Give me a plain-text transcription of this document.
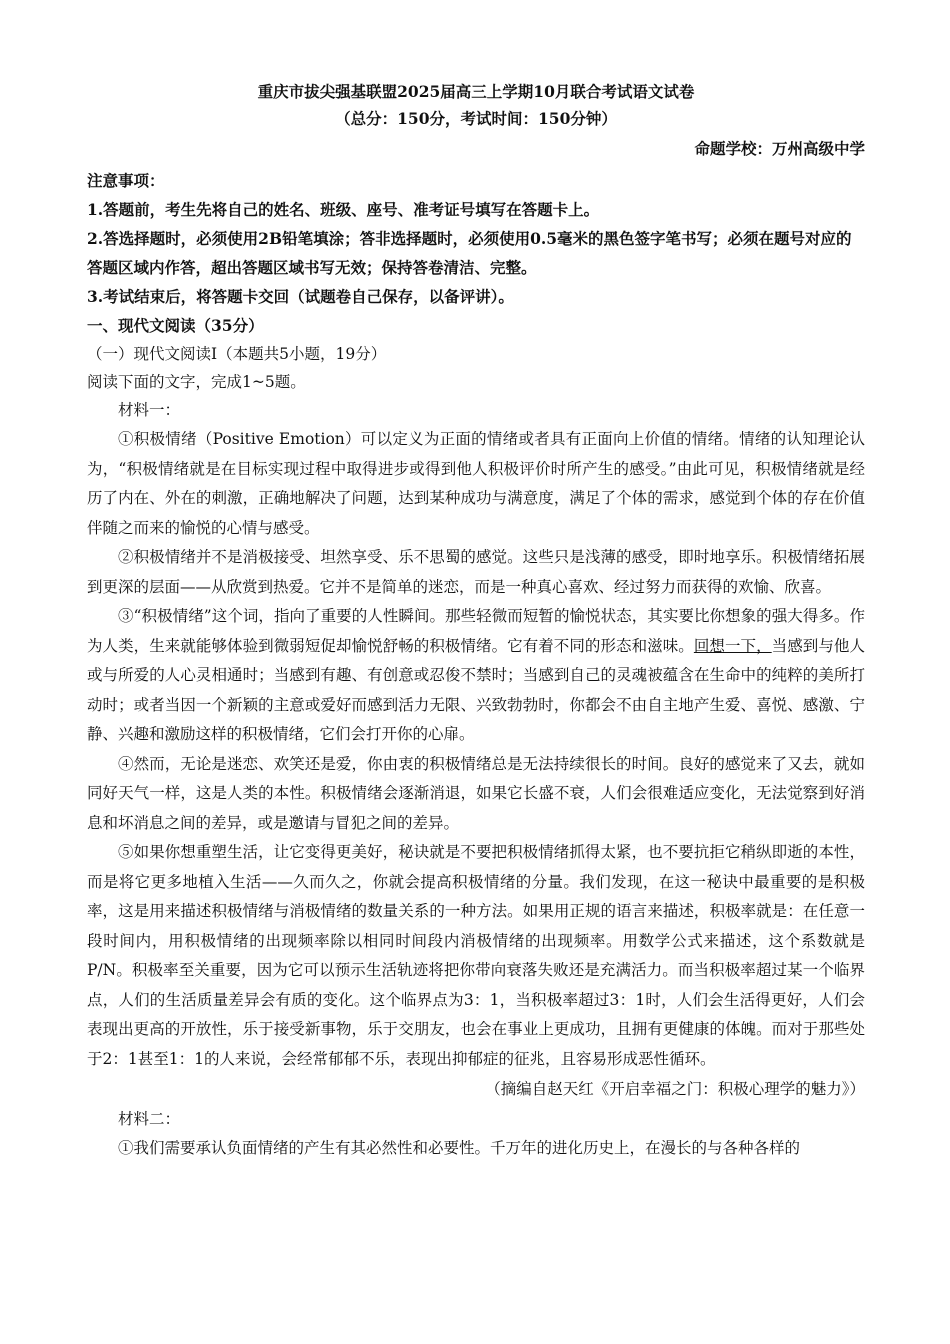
重庆市拔尖强基联盟2025届高三上学期10月联合考试语文试卷

（总分：150分，考试时间：150分钟）

命题学校：万州高级中学

注意事项：

1.答题前，考生先将自己的姓名、班级、座号、准考证号填写在答题卡上。

2.答选择题时，必须使用2B铅笔填涂；答非选择题时，必须使用0.5毫米的黑色签字笔书写；必须在题号对应的答题区域内作答，超出答题区域书写无效；保持答卷清洁、完整。

3.考试结束后，将答题卡交回（试题卷自己保存，以备评讲）。

一、现代文阅读（35分）

（一）现代文阅读Ⅰ（本题共5小题，19分）

阅读下面的文字，完成1~5题。

材料一：

①积极情绪（Positive Emotion）可以定义为正面的情绪或者具有正面向上价值的情绪。情绪的认知理论认为，“积极情绪就是在目标实现过程中取得进步或得到他人积极评价时所产生的感受。”由此可见，积极情绪就是经历了内在、外在的刺激，正确地解决了问题，达到某种成功与满意度，满足了个体的需求，感觉到个体的存在价值伴随之而来的愉悦的心情与感受。

②积极情绪并不是消极接受、坦然享受、乐不思蜀的感觉。这些只是浅薄的感受，即时地享乐。积极情绪拓展到更深的层面——从欣赏到热爱。它并不是简单的迷恋，而是一种真心喜欢、经过努力而获得的欢愉、欣喜。

③“积极情绪”这个词，指向了重要的人性瞬间。那些轻微而短暂的愉悦状态，其实要比你想象的强大得多。作为人类，生来就能够体验到微弱短促却愉悦舒畅的积极情绪。它有着不同的形态和滋味。回想一下，当感到与他人或与所爱的人心灵相通时；当感到有趣、有创意或忍俊不禁时；当感到自己的灵魂被蕴含在生命中的纯粹的美所打动时；或者当因一个新颖的主意或爱好而感到活力无限、兴致勃勃时，你都会不由自主地产生爱、喜悦、感激、宁静、兴趣和激励这样的积极情绪，它们会打开你的心扉。

④然而，无论是迷恋、欢笑还是爱，你由衷的积极情绪总是无法持续很长的时间。良好的感觉来了又去，就如同好天气一样，这是人类的本性。积极情绪会逐渐消退，如果它长盛不衰，人们会很难适应变化，无法觉察到好消息和坏消息之间的差异，或是邀请与冒犯之间的差异。

⑤如果你想重塑生活，让它变得更美好，秘诀就是不要把积极情绪抓得太紧，也不要抗拒它稍纵即逝的本性，而是将它更多地植入生活——久而久之，你就会提高积极情绪的分量。我们发现，在这一秘诀中最重要的是积极率，这是用来描述积极情绪与消极情绪的数量关系的一种方法。如果用正规的语言来描述，积极率就是：在任意一段时间内，用积极情绪的出现频率除以相同时间段内消极情绪的出现频率。用数学公式来描述，这个系数就是P/N。积极率至关重要，因为它可以预示生活轨迹将把你带向衰落失败还是充满活力。而当积极率超过某一个临界点，人们的生活质量差异会有质的变化。这个临界点为3：1，当积极率超过3：1时，人们会生活得更好，人们会表现出更高的开放性，乐于接受新事物，乐于交朋友，也会在事业上更成功，且拥有更健康的体魄。而对于那些处于2：1甚至1：1的人来说，会经常郁郁不乐，表现出抑郁症的征兆，且容易形成恶性循环。

（摘编自赵天红《开启幸福之门：积极心理学的魅力》）

材料二：

①我们需要承认负面情绪的产生有其必然性和必要性。千万年的进化历史上，在漫长的与各种各样的
